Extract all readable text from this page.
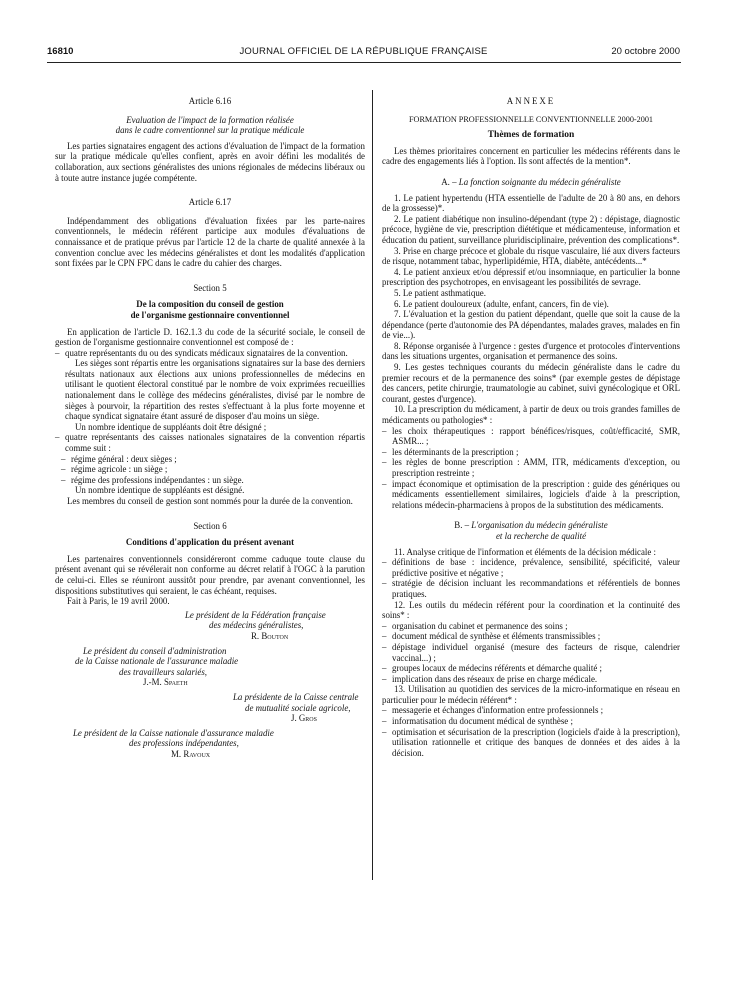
16810	JOURNAL OFFICIEL DE LA RÉPUBLIQUE FRANÇAISE	20 octobre 2000
Article 6.16
Evaluation de l'impact de la formation réalisée
dans le cadre conventionnel sur la pratique médicale

Les parties signataires engagent des actions d'évaluation de l'impact de la formation sur la pratique médicale qu'elles confient, après en avoir défini les modalités de collaboration, aux sections généralistes des unions régionales de médecins libéraux ou à toute autre instance jugée compétente.

Article 6.17

Indépendamment des obligations d'évaluation fixées par les parte-naires conventionnels, le médecin référent participe aux modules d'évaluations de connaissance et de pratique prévus par l'article 12 de la charte de qualité annexée à la convention conclue avec les médecins généralistes et dont les modalités d'application sont fixées par le CPN FPC dans le cadre du cahier des charges.

Section 5
De la composition du conseil de gestion
de l'organisme gestionnaire conventionnel

En application de l'article D. 162.1.3 du code de la sécurité sociale, le conseil de gestion de l'organisme gestionnaire conventionnel est composé de :

– quatre représentants du ou des syndicats médicaux signataires de la convention.

Les sièges sont répartis entre les organisations signataires sur la base des derniers résultats nationaux aux élections aux unions professionnelles de médecins en utilisant le quotient électoral constitué par le nombre de voix exprimées recueillies nationalement dans le collège des médecins généralistes, divisé par le nombre de sièges à pourvoir, la répartition des restes s'effectuant à la plus forte moyenne et chaque syndicat signataire étant assuré de disposer d'au moins un siège.

Un nombre identique de suppléants doit être désigné ;

– quatre représentants des caisses nationales signataires de la convention répartis comme suit :
– régime général : deux sièges ;
– régime agricole : un siège ;
– régime des professions indépendantes : un siège.

Un nombre identique de suppléants est désigné.

Les membres du conseil de gestion sont nommés pour la durée de la convention.

Section 6
Conditions d'application du présent avenant

Les partenaires conventionnels considéreront comme caduque toute clause du présent avenant qui se révélerait non conforme au décret relatif à l'OGC à la parution de celui-ci. Elles se réuniront aussitôt pour prendre, par avenant conventionnel, les dispositions substitutives qui seraient, le cas échéant, requises.

Fait à Paris, le 19 avril 2000.

Le président de la Fédération française
des médecins généralistes,
R. Bouton
Le président du conseil d'administration
de la Caisse nationale de l'assurance maladie
des travailleurs salariés,
J.-M. Spaeth
La présidente de la Caisse centrale
de mutualité sociale agricole,
J. Gros
Le président de la Caisse nationale d'assurance maladie
des professions indépendantes,
M. Ravoux
ANNEXE
FORMATION PROFESSIONNELLE CONVENTIONNELLE 2000-2001
Thèmes de formation

Les thèmes prioritaires concernent en particulier les médecins référents dans le cadre des engagements liés à l'option. Ils sont affectés de la mention*.

A. – La fonction soignante du médecin généraliste

1. Le patient hypertendu (HTA essentielle de l'adulte de 20 à 80 ans, en dehors de la grossesse)*.

2. Le patient diabétique non insulino-dépendant (type 2) : dépistage, diagnostic précoce, hygiène de vie, prescription diététique et médicamenteuse, information et éducation du patient, surveillance pluridisciplinaire, prévention des complications*.

3. Prise en charge précoce et globale du risque vasculaire, lié aux divers facteurs de risque, notamment tabac, hyperlipidémie, HTA, diabète, antécédents...*

4. Le patient anxieux et/ou dépressif et/ou insomniaque, en particulier la bonne prescription des psychotropes, en envisageant les possibilités de sevrage.

5. Le patient asthmatique.

6. Le patient douloureux (adulte, enfant, cancers, fin de vie).

7. L'évaluation et la gestion du patient dépendant, quelle que soit la cause de la dépendance (perte d'autonomie des PA dépendantes, malades graves, malades en fin de vie...).

8. Réponse organisée à l'urgence : gestes d'urgence et protocoles d'interventions dans les situations urgentes, organisation et permanence des soins.

9. Les gestes techniques courants du médecin généraliste dans le cadre du premier recours et de la permanence des soins* (par exemple gestes de dépistage des cancers, petite chirurgie, traumatologie au cabinet, suivi gynécologique et ORL courant, gestes d'urgence).

10. La prescription du médicament, à partir de deux ou trois grandes familles de médicaments ou pathologies* :

– les choix thérapeutiques : rapport bénéfices/risques, coût/efficacité, SMR, ASMR... ;
– les déterminants de la prescription ;
– les règles de bonne prescription : AMM, ITR, médicaments d'exception, ou prescription restreinte ;
– impact économique et optimisation de la prescription : guide des génériques ou médicaments essentiellement similaires, logiciels d'aide à la prescription, relations médecin-pharmaciens à propos de la substitution des médicaments.
B. – L'organisation du médecin généraliste
et la recherche de qualité

11. Analyse critique de l'information et éléments de la décision médicale :

– définitions de base : incidence, prévalence, sensibilité, spécificité, valeur prédictive positive et négative ;
– stratégie de décision incluant les recommandations et référentiels de bonnes pratiques.

12. Les outils du médecin référent pour la coordination et la continuité des soins* :

– organisation du cabinet et permanence des soins ;
– document médical de synthèse et éléments transmissibles ;
– dépistage individuel organisé (mesure des facteurs de risque, calendrier vaccinal...) ;
– groupes locaux de médecins référents et démarche qualité ;
– implication dans des réseaux de prise en charge médicale.

13. Utilisation au quotidien des services de la micro-informatique en réseau en particulier pour le médecin référent* :

– messagerie et échanges d'information entre professionnels ;
– informatisation du document médical de synthèse ;
– optimisation et sécurisation de la prescription (logiciels d'aide à la prescription), utilisation rationnelle et critique des banques de données et des aides à la décision.
